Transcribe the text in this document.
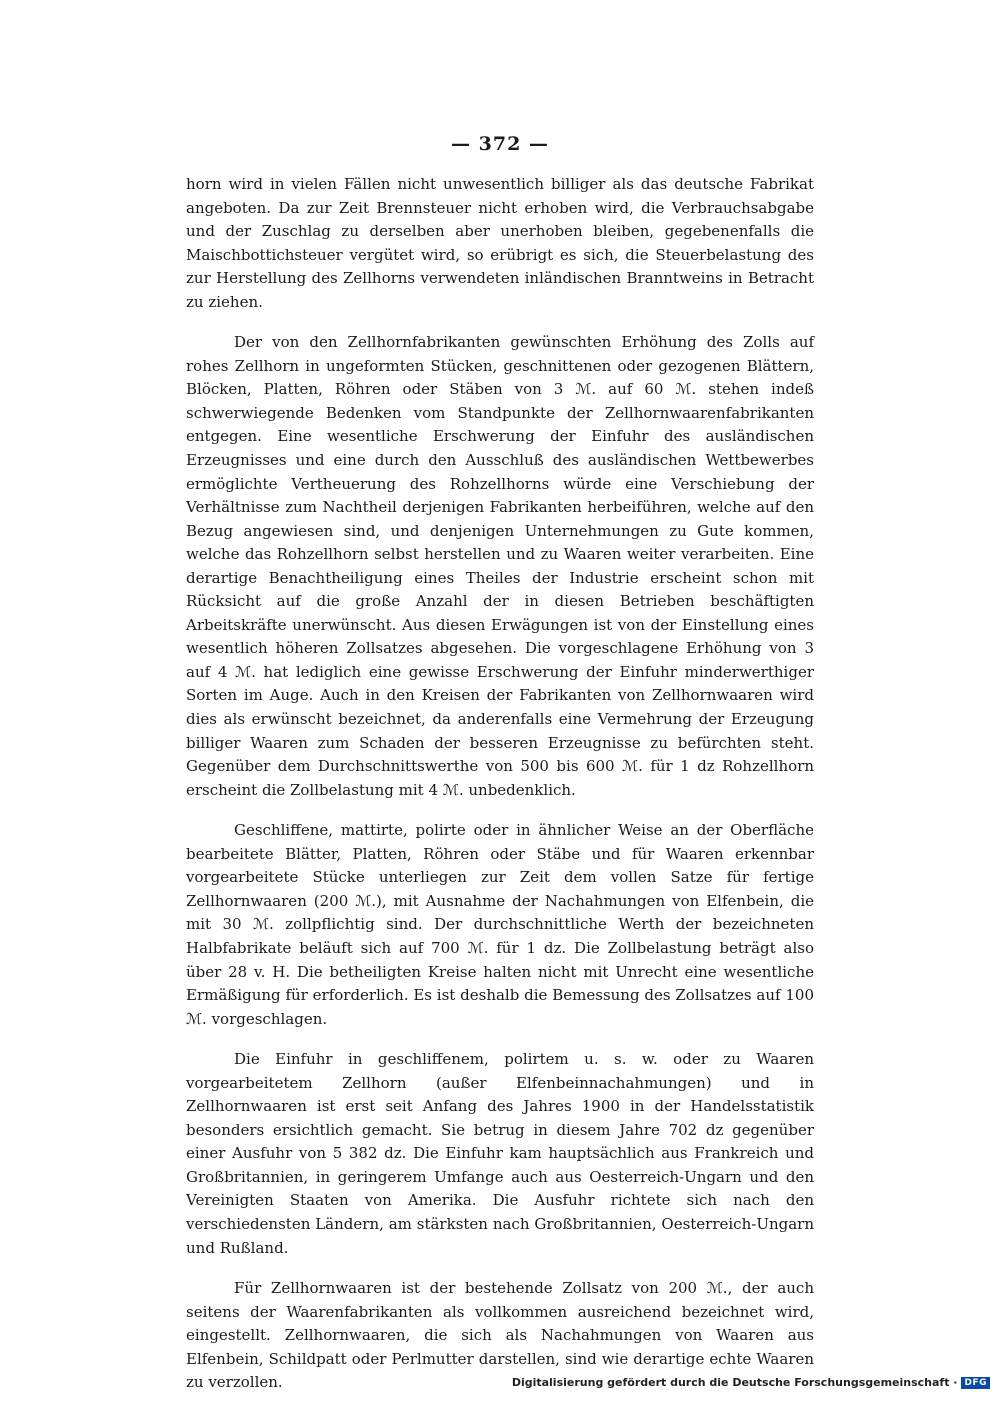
— 372 —

horn wird in vielen Fällen nicht unwesentlich billiger als das deutsche Fabrikat angeboten. Da zur Zeit Brennsteuer nicht erhoben wird, die Verbrauchsabgabe und der Zuschlag zu derselben aber unerhoben bleiben, gegebenenfalls die Maischbottichsteuer vergütet wird, so erübrigt es sich, die Steuerbelastung des zur Herstellung des Zellhorns verwendeten inländischen Branntweins in Betracht zu ziehen.

Der von den Zellhornfabrikanten gewünschten Erhöhung des Zolls auf rohes Zellhorn in ungeformten Stücken, geschnittenen oder gezogenen Blättern, Blöcken, Platten, Röhren oder Stäben von 3 ℳ. auf 60 ℳ. stehen indeß schwerwiegende Bedenken vom Standpunkte der Zellhornwaarenfabrikanten entgegen. Eine wesentliche Erschwerung der Einfuhr des ausländischen Erzeugnisses und eine durch den Ausschluß des ausländischen Wettbewerbes ermöglichte Vertheuerung des Rohzellhorns würde eine Verschiebung der Verhältnisse zum Nachtheil derjenigen Fabrikanten herbeiführen, welche auf den Bezug angewiesen sind, und denjenigen Unternehmungen zu Gute kommen, welche das Rohzellhorn selbst herstellen und zu Waaren weiter verarbeiten. Eine derartige Benachtheiligung eines Theiles der Industrie erscheint schon mit Rücksicht auf die große Anzahl der in diesen Betrieben beschäftigten Arbeitskräfte unerwünscht. Aus diesen Erwägungen ist von der Einstellung eines wesentlich höheren Zollsatzes abgesehen. Die vorgeschlagene Erhöhung von 3 auf 4 ℳ. hat lediglich eine gewisse Erschwerung der Einfuhr minderwerthiger Sorten im Auge. Auch in den Kreisen der Fabrikanten von Zellhornwaaren wird dies als erwünscht bezeichnet, da anderenfalls eine Vermehrung der Erzeugung billiger Waaren zum Schaden der besseren Erzeugnisse zu befürchten steht. Gegenüber dem Durchschnittswerthe von 500 bis 600 ℳ. für 1 dz Rohzellhorn erscheint die Zollbelastung mit 4 ℳ. unbedenklich.

Geschliffene, mattirte, polirte oder in ähnlicher Weise an der Oberfläche bearbeitete Blätter, Platten, Röhren oder Stäbe und für Waaren erkennbar vorgearbeitete Stücke unterliegen zur Zeit dem vollen Satze für fertige Zellhornwaaren (200 ℳ.), mit Ausnahme der Nachahmungen von Elfenbein, die mit 30 ℳ. zollpflichtig sind. Der durchschnittliche Werth der bezeichneten Halbfabrikate beläuft sich auf 700 ℳ. für 1 dz. Die Zollbelastung beträgt also über 28 v. H. Die betheiligten Kreise halten nicht mit Unrecht eine wesentliche Ermäßigung für erforderlich. Es ist deshalb die Bemessung des Zollsatzes auf 100 ℳ. vorgeschlagen.

Die Einfuhr in geschliffenem, polirtem u. s. w. oder zu Waaren vorgearbeitetem Zellhorn (außer Elfenbeinnachahmungen) und in Zellhornwaaren ist erst seit Anfang des Jahres 1900 in der Handelsstatistik besonders ersichtlich gemacht. Sie betrug in diesem Jahre 702 dz gegenüber einer Ausfuhr von 5 382 dz. Die Einfuhr kam hauptsächlich aus Frankreich und Großbritannien, in geringerem Umfange auch aus Oesterreich-Ungarn und den Vereinigten Staaten von Amerika. Die Ausfuhr richtete sich nach den verschiedensten Ländern, am stärksten nach Großbritannien, Oesterreich-Ungarn und Rußland.

Für Zellhornwaaren ist der bestehende Zollsatz von 200 ℳ., der auch seitens der Waarenfabrikanten als vollkommen ausreichend bezeichnet wird, eingestellt. Zellhornwaaren, die sich als Nachahmungen von Waaren aus Elfenbein, Schildpatt oder Perlmutter darstellen, sind wie derartige echte Waaren zu verzollen.	Digitalisierung gefördert durch die Deutsche Forschungsgemeinschaft · DFG
